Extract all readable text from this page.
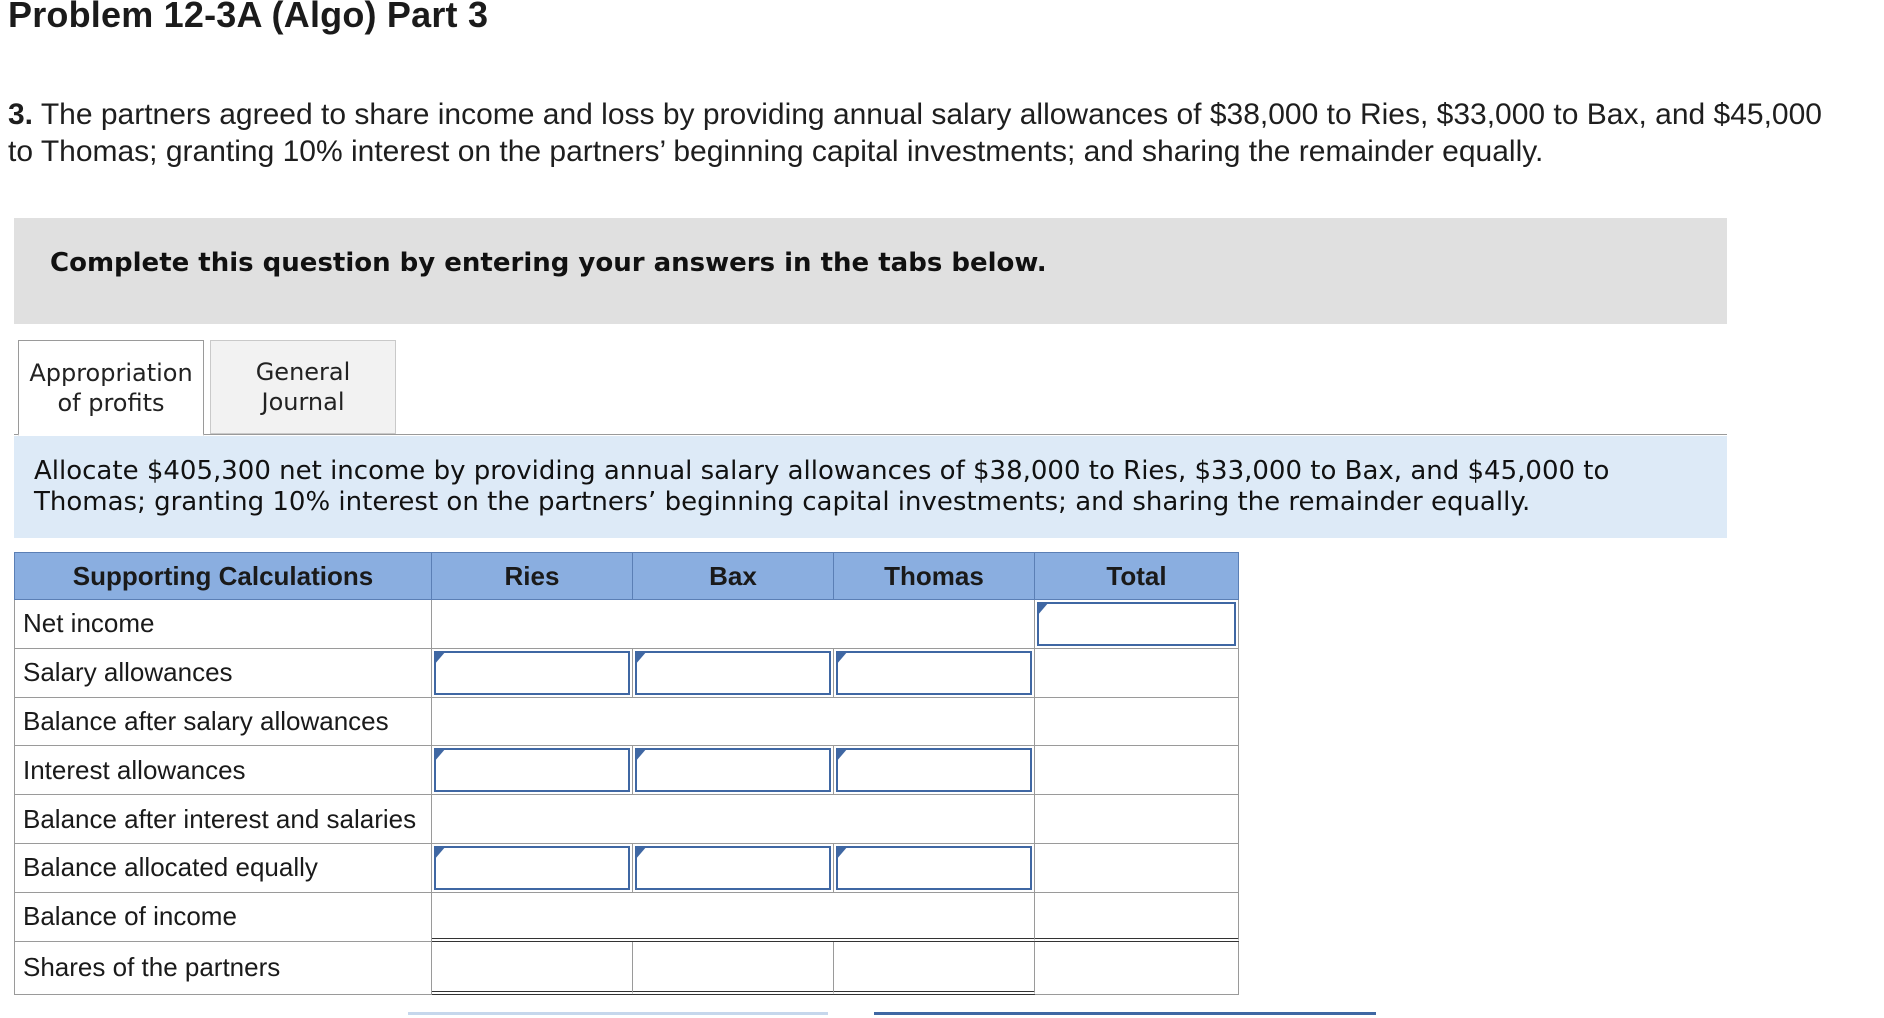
Problem 12-3A (Algo) Part 3
3. The partners agreed to share income and loss by providing annual salary allowances of $38,000 to Ries, $33,000 to Bax, and $45,000 to Thomas; granting 10% interest on the partners’ beginning capital investments; and sharing the remainder equally.
Complete this question by entering your answers in the tabs below.
Appropriation
of profits
General
Journal
Allocate $405,300 net income by providing annual salary allowances of $38,000 to Ries, $33,000 to Bax, and $45,000 to Thomas; granting 10% interest on the partners’ beginning capital investments; and sharing the remainder equally.
Supporting Calculations	Ries	Bax	Thomas	Total
Net income
Salary allowances
Balance after salary allowances
Interest allowances
Balance after interest and salaries
Balance allocated equally
Balance of income
Shares of the partners
